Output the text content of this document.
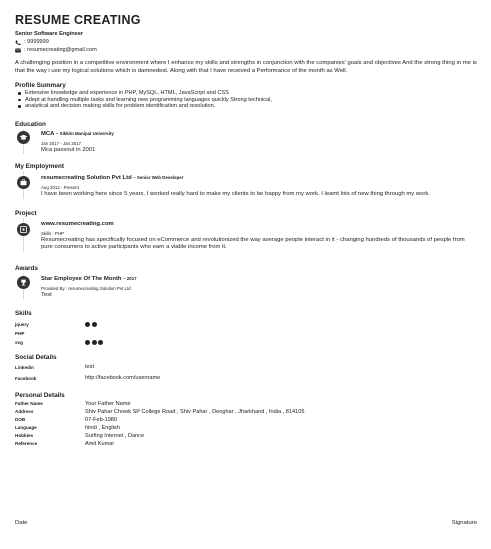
RESUME CREATING
Senior Software Engineer
: 9999999
: resumecreating@gmail.com
A challenging position in a competitive environment where I enhance my skills and strengths in conjunction with the companies' goals and objectives And the strong thing in me is that the way i use my logical solutions which is damnedest. Along with that I have received a Performance of the month as Well.
Profile Summary
Extensive knowledge and experience in PHP, MySQL, HTML, JavaScript and CSS
Adept at handling multiple tasks and learning new programming languages quickly Strong technical,
analytical and decision making skills for problem identification and resolution.
Education
MCA – Sikkim Manipal University
Jan 2017 - Jan 2017
Mca passout in 2001
My Employment
resumecreating Solution Pvt Ltd – Senior Web Developer
Aug 2012 - Present
I have been working here since 5 years. I worked really hard to make my clients to be happy from my work. I leamt lots of new thing through my work.
Project
www.resumecreating.com
Skills : PHP
Resumecreating has specifically focused on eCommerce and revolutionized the way average people interact in it - changing hundreds of thousands of people from pure consumers to active participants who earn a viable income from it.
Awards
Star Employee Of The Month – 2017
Provided By : resumecreating Solution Pvt Ltd
Test
Skills
jquery
PHP
svg
Social Details
Linkedin	test
Facebook	http://facebook.com/username
Personal Details
Father Name	Your Father Name
Address	Shiv Pahar Chowk SP College Road , Shiv Pahar , Deoghar , Jharkhand , India , 814105
DOB	07-Feb-1980
Language	hindi , English
Hobbies	Surfing Internet , Dance
Reference	Amit Kumar
Date	Signature
